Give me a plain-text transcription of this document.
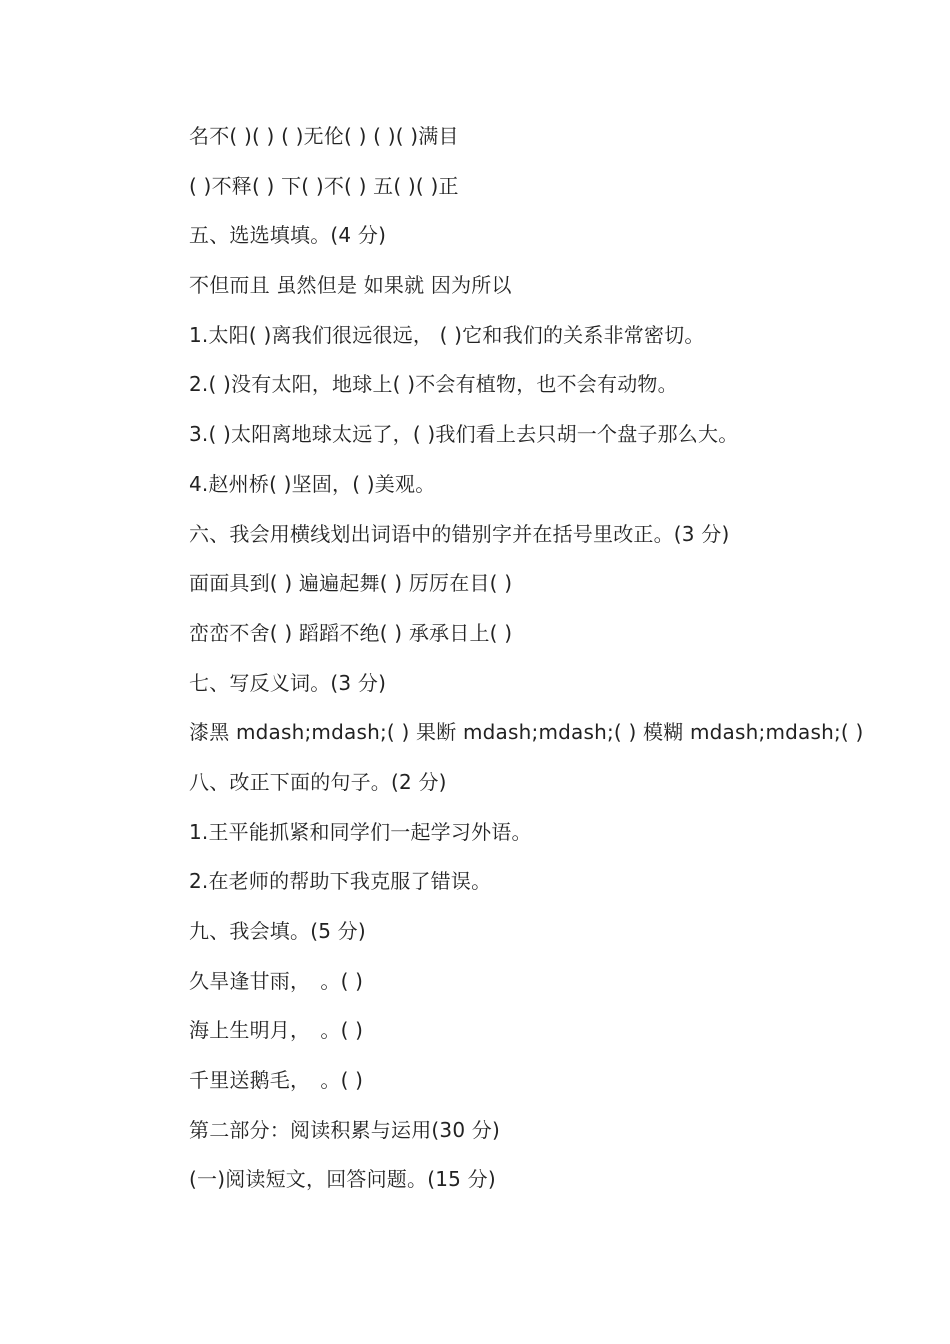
名不( )( ) ( )无伦( ) ( )( )满目
( )不释( ) 下( )不( ) 五( )( )正
五、选选填填。(4 分)
不但而且 虽然但是 如果就 因为所以
1.太阳( )离我们很远很远， ( )它和我们的关系非常密切。
2.( )没有太阳，地球上( )不会有植物，也不会有动物。
3.( )太阳离地球太远了，( )我们看上去只胡一个盘子那么大。
4.赵州桥( )坚固，( )美观。
六、我会用横线划出词语中的错别字并在括号里改正。(3 分)
面面具到( ) 遍遍起舞( ) 厉厉在目( )
峦峦不舍( ) 蹈蹈不绝( ) 承承日上( )
七、写反义词。(3 分)
漆黑 mdash;mdash;( ) 果断 mdash;mdash;( ) 模糊 mdash;mdash;( )
八、改正下面的句子。(2 分)
1.王平能抓紧和同学们一起学习外语。
2.在老师的帮助下我克服了错误。
九、我会填。(5 分)
久旱逢甘雨，　。( )
海上生明月，　。( )
千里送鹅毛，　。( )
第二部分：阅读积累与运用(30 分)
(一)阅读短文，回答问题。(15 分)
